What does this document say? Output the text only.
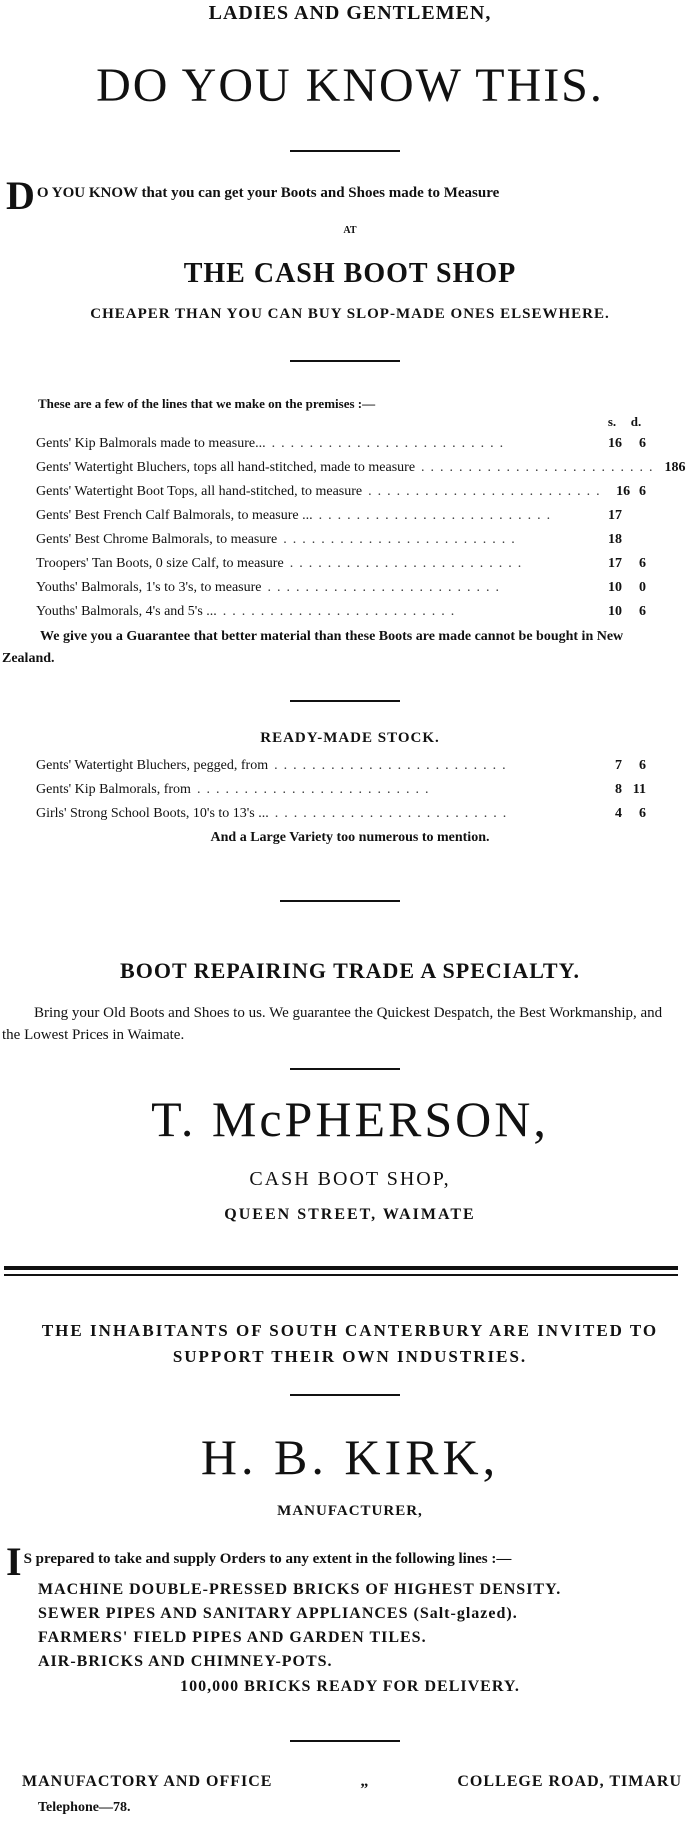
LADIES AND GENTLEMEN,
DO YOU KNOW THIS.
D O YOU KNOW that you can get your Boots and Shoes made to Measure
AT
THE CASH BOOT SHOP
CHEAPER THAN YOU CAN BUY SLOP-MADE ONES ELSEWHERE.
These are a few of the lines that we make on the premises :—
s. d.
Gents' Kip Balmorals made to measure... .........................	16	6
Gents' Watertight Bluchers, tops all hand-stitched, made to measure ......................... 18 6
Gents' Watertight Boot Tops, all hand-stitched, to measure ......................... 16 6
Gents' Best French Calf Balmorals, to measure ... .........................	17
Gents' Best Chrome Balmorals, to measure .........................	18
Troopers' Tan Boots, 0 size Calf, to measure .........................	17	6
Youths' Balmorals, 1's to 3's, to measure .........................	10	0
Youths' Balmorals, 4's and 5's ... .........................	10	6
We give you a Guarantee that better material than these Boots are made cannot be bought in New Zealand.
READY-MADE STOCK.
Gents' Watertight Bluchers, pegged, from .........................	7	6
Gents' Kip Balmorals, from .........................	8 11
Girls' Strong School Boots, 10's to 13's ... .........................	4	6
And a Large Variety too numerous to mention.
BOOT REPAIRING TRADE A SPECIALTY.
Bring your Old Boots and Shoes to us. We guarantee the Quickest Despatch, the Best Workmanship, and the Lowest Prices in Waimate.
T. McPHERSON,
CASH BOOT SHOP,
QUEEN STREET, WAIMATE
THE INHABITANTS OF SOUTH CANTERBURY ARE INVITED TO
SUPPORT THEIR OWN INDUSTRIES.
H. B. KIRK,
MANUFACTURER,
I S prepared to take and supply Orders to any extent in the following lines :—
MACHINE DOUBLE-PRESSED BRICKS OF HIGHEST DENSITY.
SEWER PIPES AND SANITARY APPLIANCES (Salt-glazed).
FARMERS' FIELD PIPES AND GARDEN TILES.
AIR-BRICKS AND CHIMNEY-POTS.
100,000 BRICKS READY FOR DELIVERY.
MANUFACTORY AND OFFICE	„	COLLEGE ROAD, TIMARU
Telephone—78.
